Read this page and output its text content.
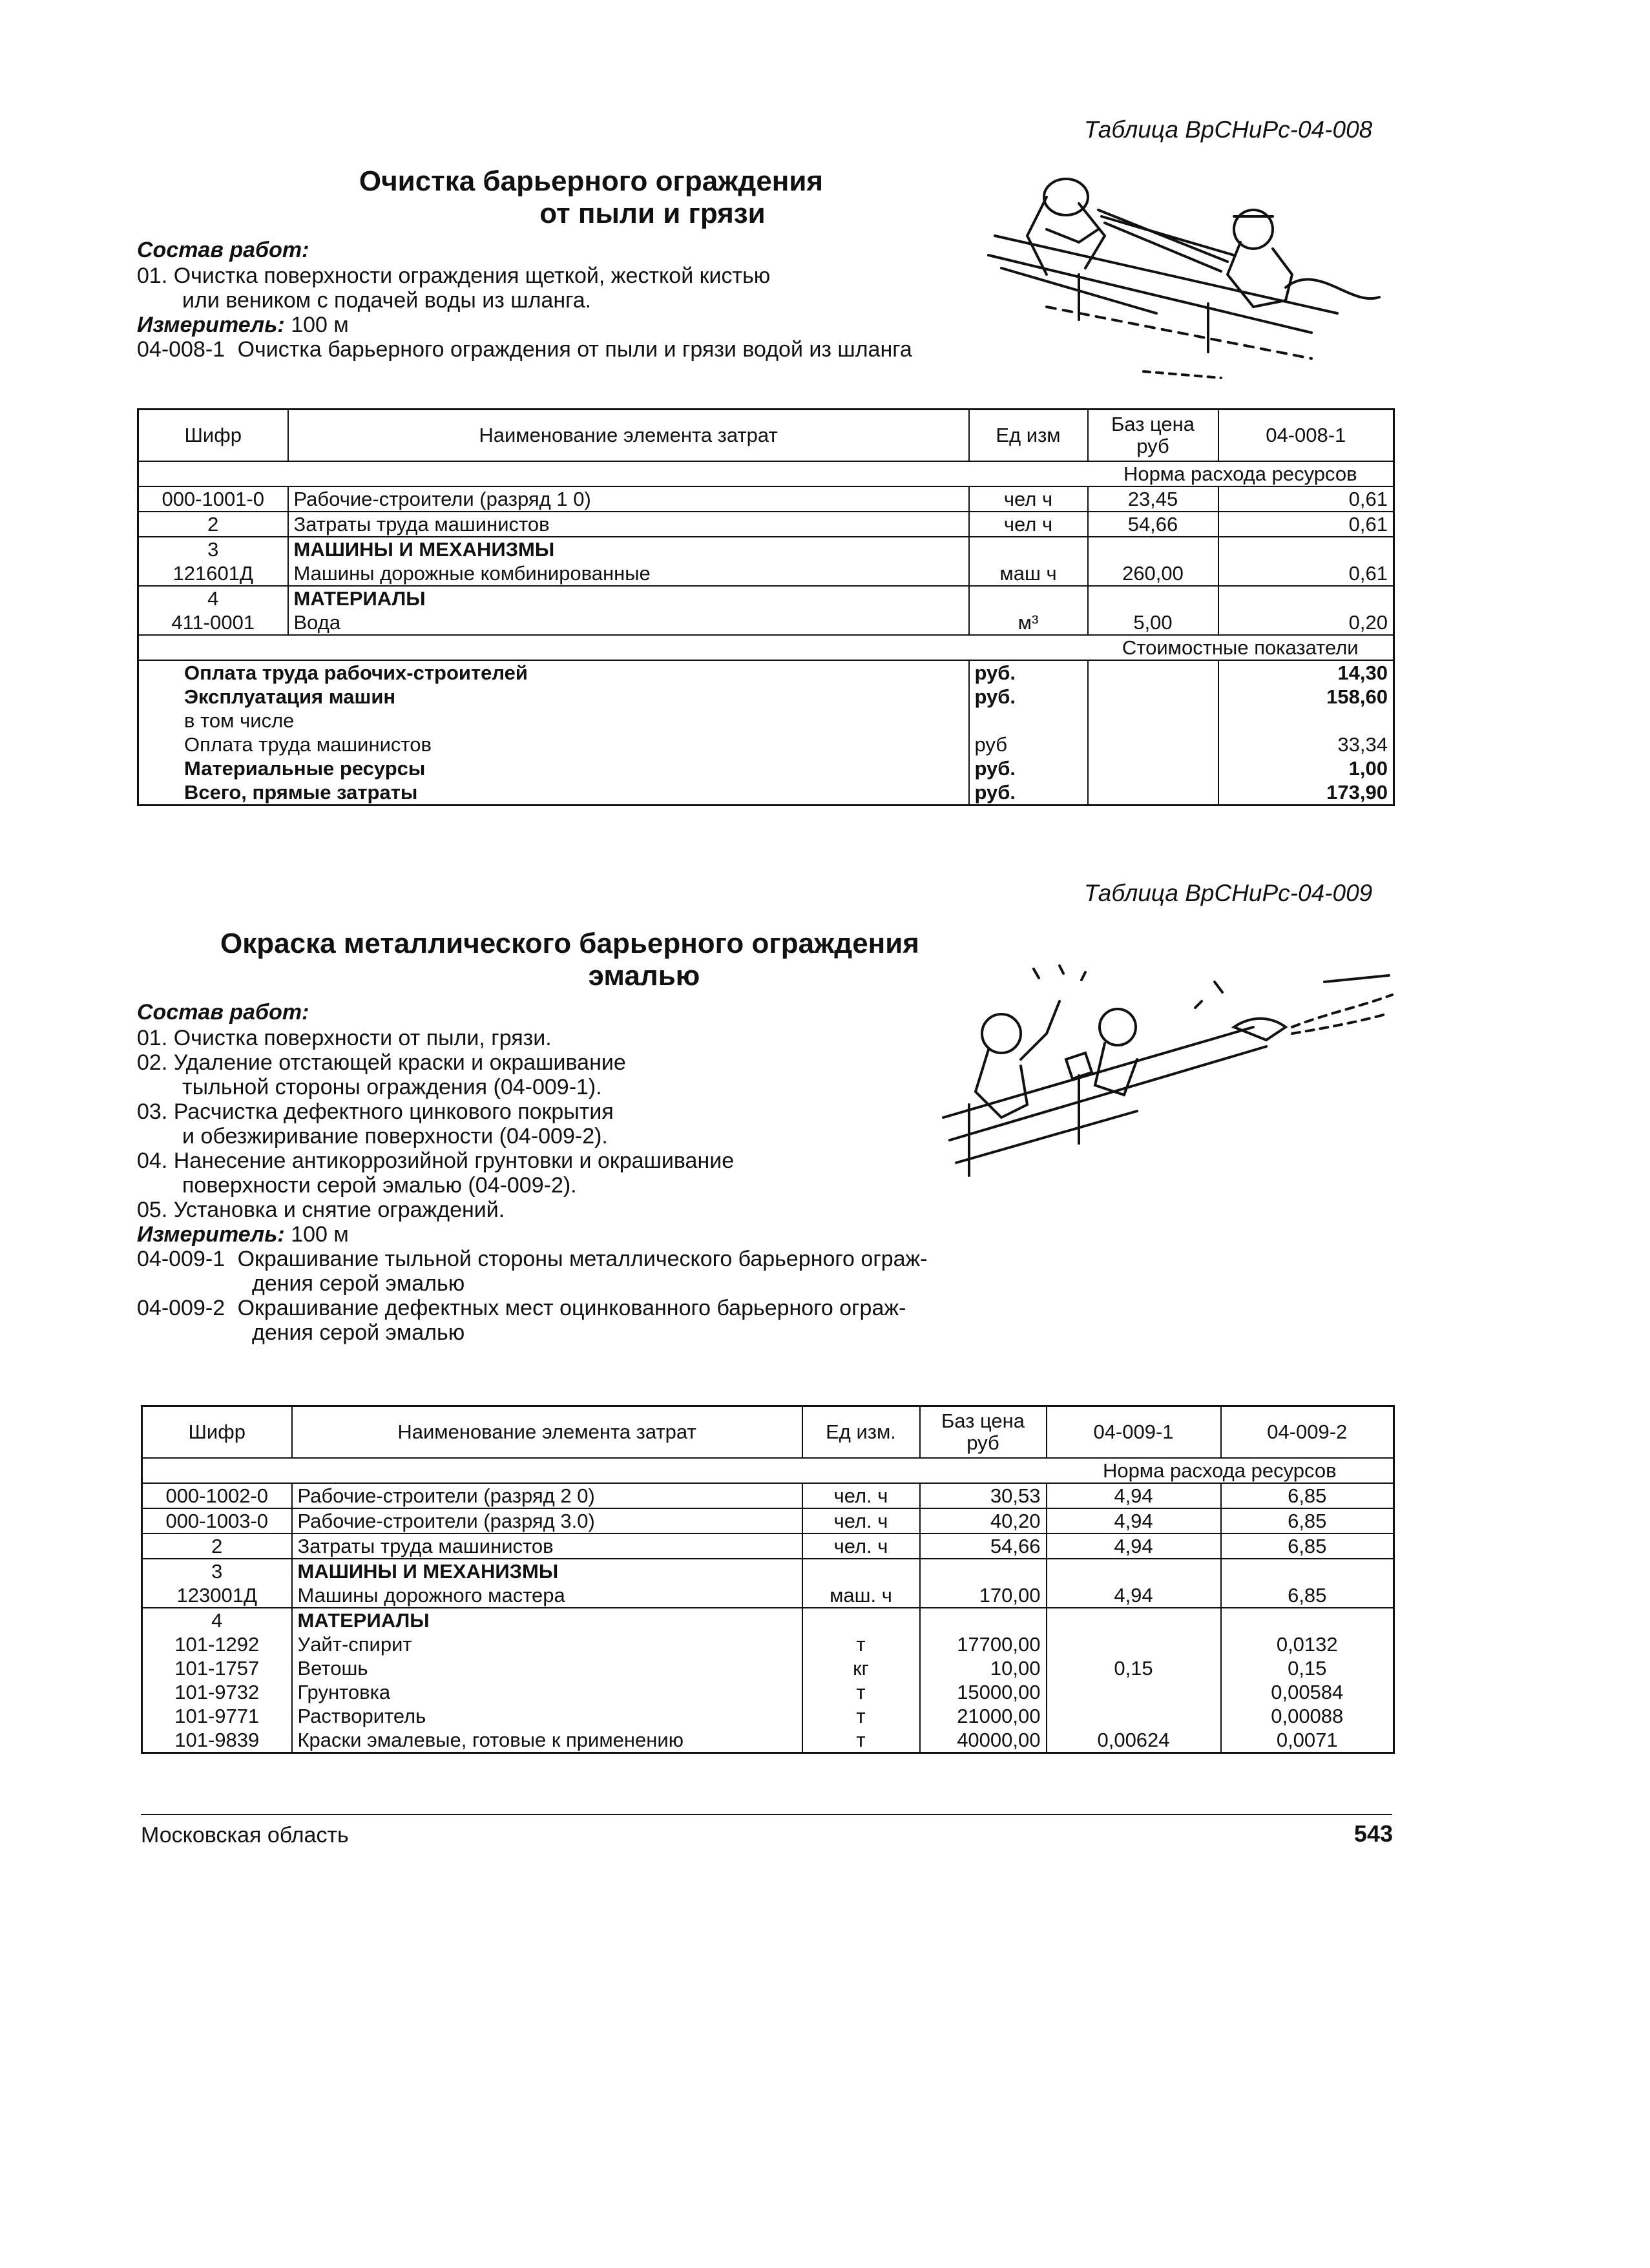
Таблица ВрСНиРс-04-008
Очистка барьерного ограждения
от пыли и грязи
Состав работ:
01. Очистка поверхности ограждения щеткой, жесткой кистью
или веником с подачей воды из шланга.
Измеритель: 100 м
04-008-1 Очистка барьерного ограждения от пыли и грязи водой из шланга
Шифр	Наименование элемента затрат	Ед изм	Баз цена
руб	04-008-1
			Норма расхода ресурсов	
000-1001-0	Рабочие-строители (разряд 1 0)	чел ч	23,45	0,61
2	Затраты труда машинистов	чел ч	54,66	0,61
3	МАШИНЫ И МЕХАНИЗМЫ			
121601Д	Машины дорожные комбинированные	маш ч	260,00	0,61
4	МАТЕРИАЛЫ			
411-0001	Вода	м³	5,00	0,20
			Стоимостные показатели	
Оплата труда рабочих-строителей		руб.		14,30
Эксплуатация машин		руб.		158,60
в том числе				
Оплата труда машинистов		руб		33,34
Материальные ресурсы		руб.		1,00
Всего, прямые затраты		руб.		173,90
Таблица ВрСНиРс-04-009
Окраска металлического барьерного ограждения
эмалью
Состав работ:
01. Очистка поверхности от пыли, грязи.
02. Удаление отстающей краски и окрашивание
тыльной стороны ограждения (04-009-1).
03. Расчистка дефектного цинкового покрытия
и обезжиривание поверхности (04-009-2).
04. Нанесение антикоррозийной грунтовки и окрашивание
поверхности серой эмалью (04-009-2).
05. Установка и снятие ограждений.
Измеритель: 100 м
04-009-1 Окрашивание тыльной стороны металлического барьерного ограж-
дения серой эмалью
04-009-2 Окрашивание дефектных мест оцинкованного барьерного ограж-
дения серой эмалью
Шифр	Наименование элемента затрат	Ед изм.	Баз цена
руб	04-009-1	04-009-2
				Норма расхода ресурсов	
000-1002-0	Рабочие-строители (разряд 2 0)	чел. ч	30,53	4,94	6,85
000-1003-0	Рабочие-строители (разряд 3.0)	чел. ч	40,20	4,94	6,85
2	Затраты труда машинистов	чел. ч	54,66	4,94	6,85
3	МАШИНЫ И МЕХАНИЗМЫ				
123001Д	Машины дорожного мастера	маш. ч	170,00	4,94	6,85
4	МАТЕРИАЛЫ				
101-1292	Уайт-спирит	т	17700,00		0,0132
101-1757	Ветошь	кг	10,00	0,15	0,15
101-9732	Грунтовка	т	15000,00		0,00584
101-9771	Растворитель	т	21000,00		0,00088
101-9839	Краски эмалевые, готовые к применению	т	40000,00	0,00624	0,0071
Московская область	543
